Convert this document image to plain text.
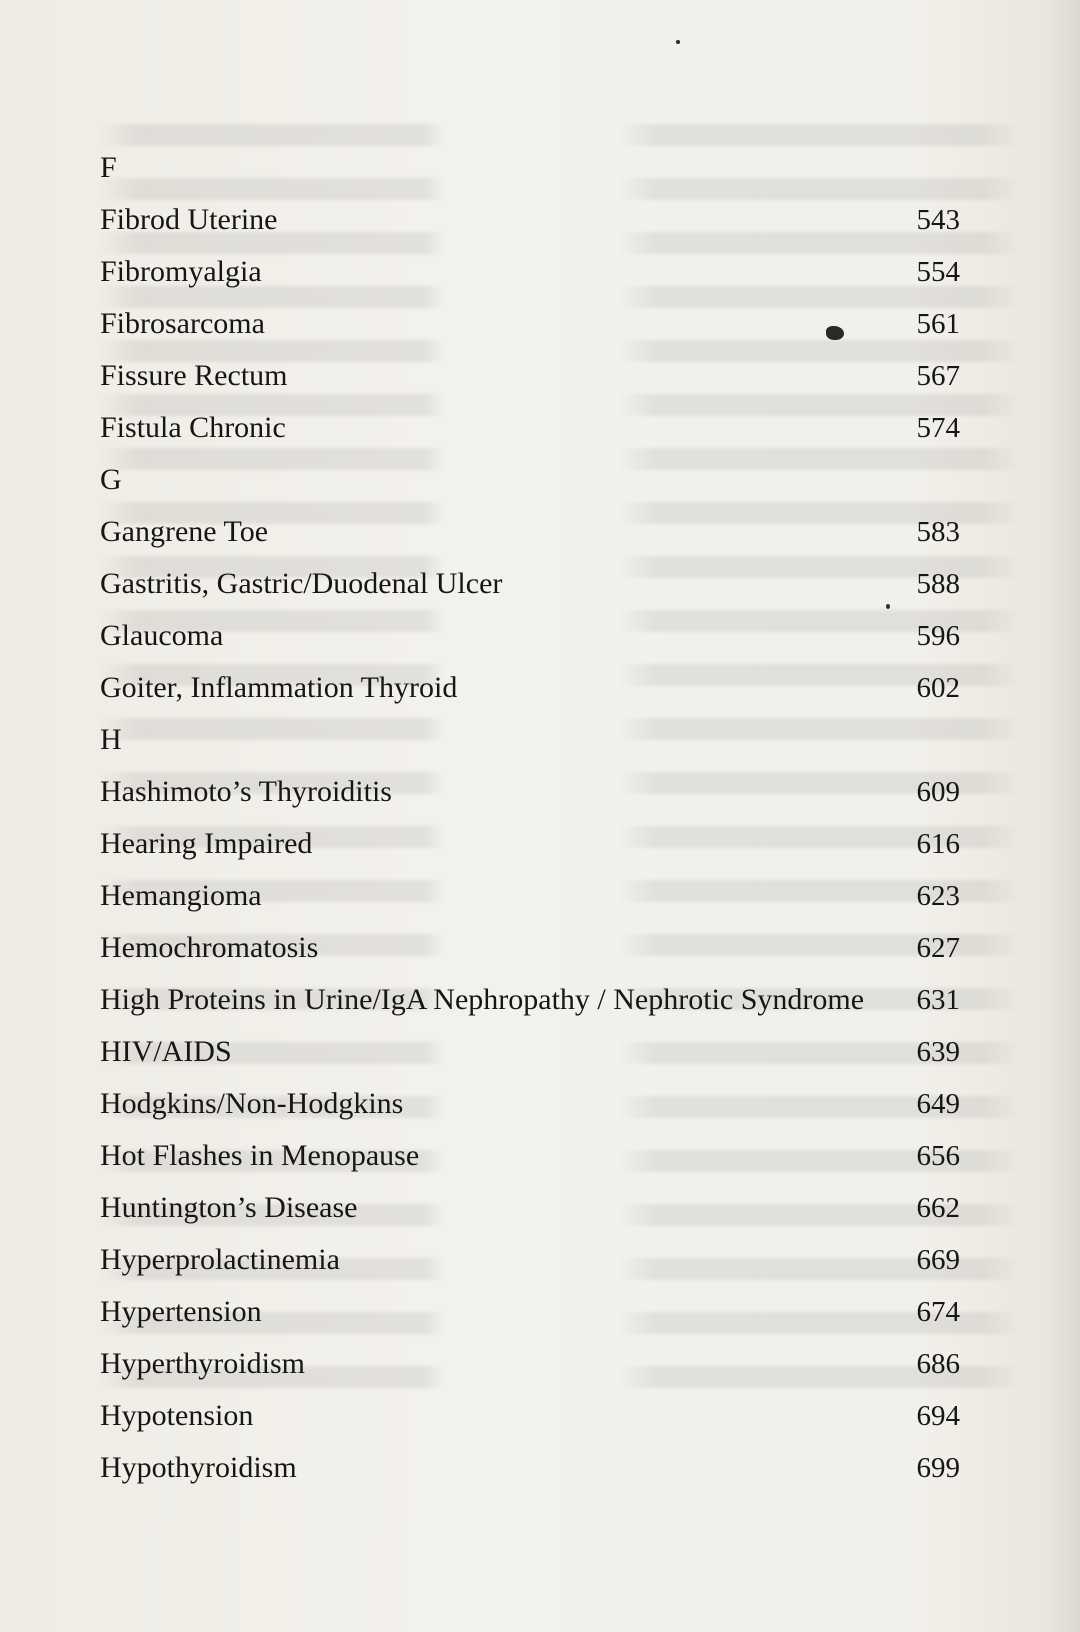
F
Fibrod Uterine	543
Fibromyalgia	554
Fibrosarcoma	561
Fissure Rectum	567
Fistula Chronic	574
G
Gangrene Toe	583
Gastritis, Gastric/Duodenal Ulcer	588
Glaucoma	596
Goiter, Inflammation Thyroid	602
H
Hashimoto’s Thyroiditis	609
Hearing Impaired	616
Hemangioma	623
Hemochromatosis	627
High Proteins in Urine/IgA Nephropathy / Nephrotic Syndrome 631
HIV/AIDS	639
Hodgkins/Non-Hodgkins	649
Hot Flashes in Menopause	656
Huntington’s Disease	662
Hyperprolactinemia	669
Hypertension	674
Hyperthyroidism	686
Hypotension	694
Hypothyroidism	699
